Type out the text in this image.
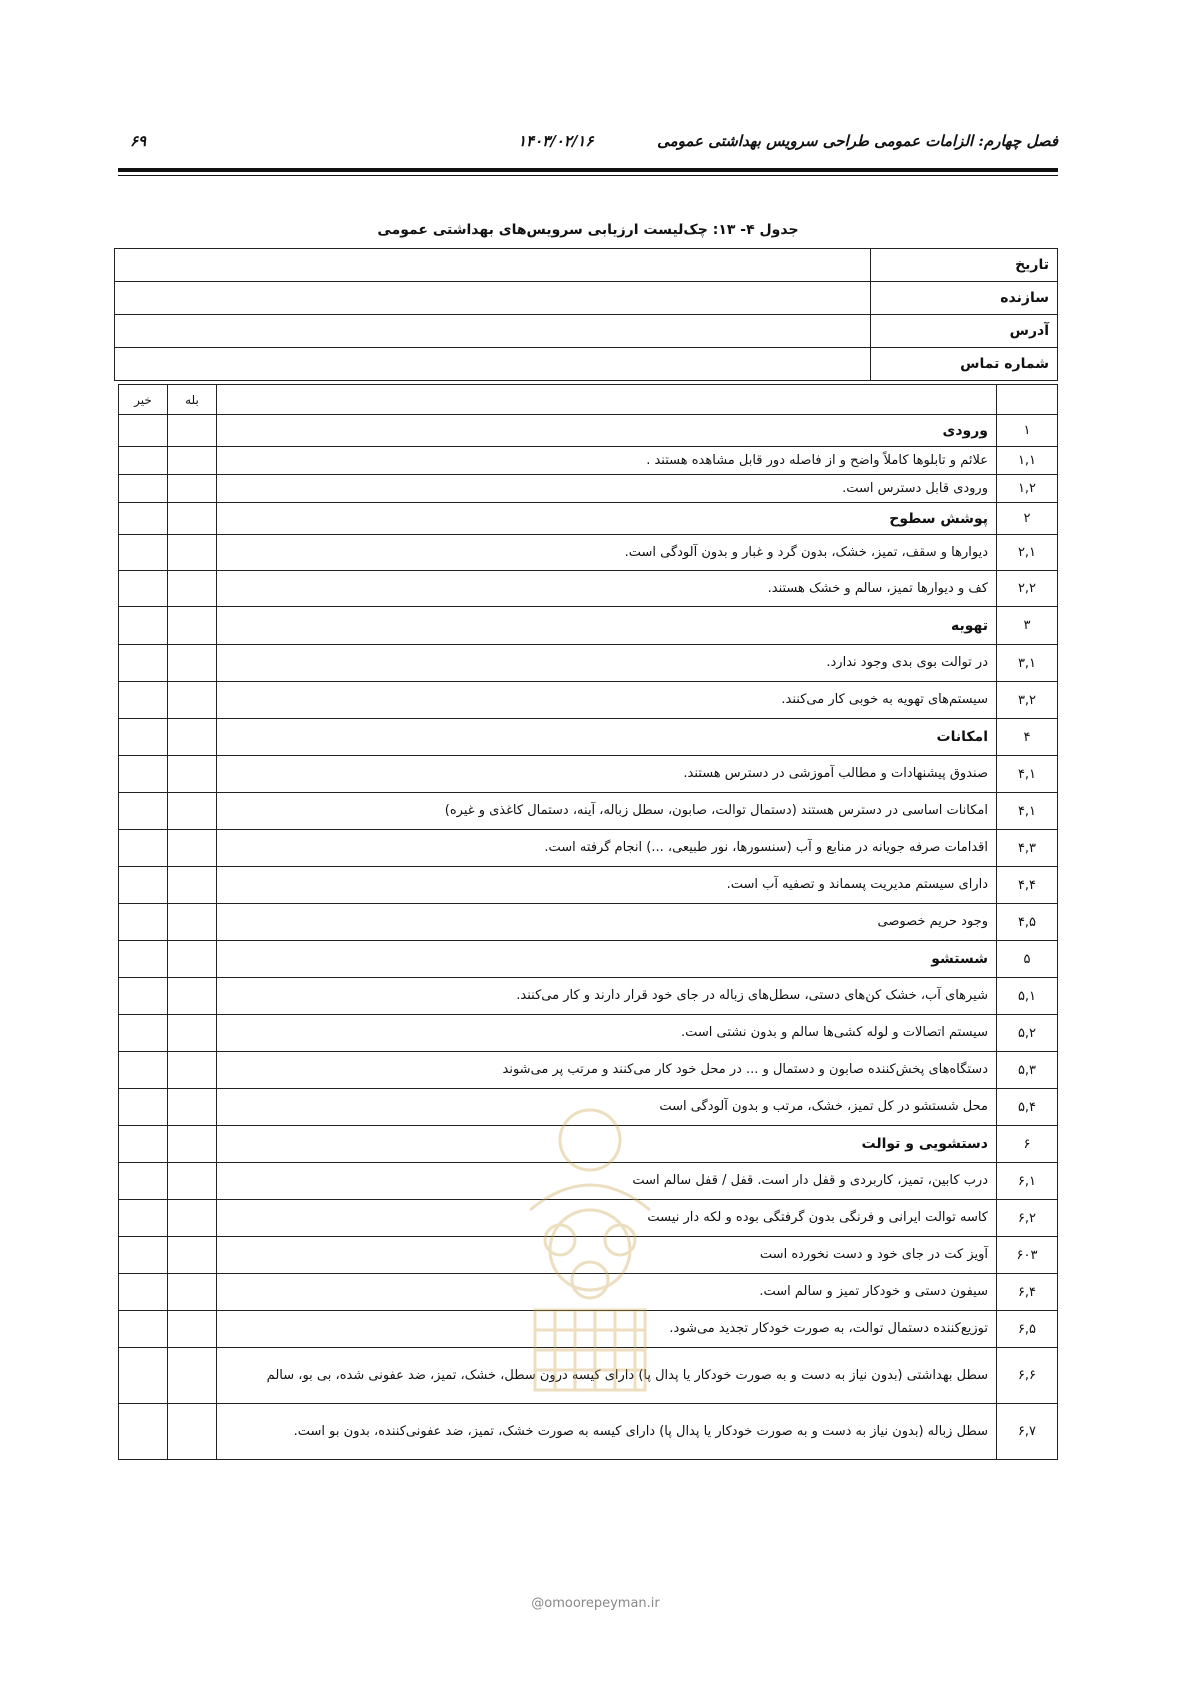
فصل چهارم: الزامات عمومی طراحی سرویس بهداشتی عمومی
۱۴۰۳/۰۲/۱۶
۶۹
جدول ۴- ۱۳: چک‌لیست ارزیابی سرویس‌های بهداشتی عمومی
تاریخ	
سازنده	
آدرس	
شماره تماس	
		بله	خیر
۱	ورودی		
۱,۱	علائم و تابلوها کاملاً واضح و از فاصله دور قابل مشاهده هستند .		
۱,۲	ورودی قابل دسترس است.		
۲	پوشش سطوح		
۲,۱	دیوارها و سقف، تمیز، خشک، بدون گرد و غبار و بدون آلودگی است.		
۲,۲	کف و دیوارها تمیز، سالم و خشک هستند.		
۳	تهویه		
۳,۱	در توالت بوی بدی وجود ندارد.		
۳,۲	سیستم‌های تهویه به خوبی کار می‌کنند.		
۴	امکانات		
۴,۱	صندوق پیشنهادات و مطالب آموزشی در دسترس هستند.		
۴,۱	امکانات اساسی در دسترس هستند (دستمال توالت، صابون، سطل زباله، آینه، دستمال کاغذی و غیره)		
۴,۳	اقدامات صرفه جویانه در منابع و آب (سنسورها، نور طبیعی، ...) انجام گرفته است.		
۴,۴	دارای سیستم مدیریت پسماند و تصفیه آب است.		
۴,۵	وجود حریم خصوصی		
۵	شستشو		
۵,۱	شیرهای آب، خشک کن‌های دستی، سطل‌های زباله در جای خود قرار دارند و کار می‌کنند.		
۵,۲	سیستم اتصالات و لوله کشی‌ها سالم و بدون نشتی است.		
۵,۳	دستگاه‌های پخش‌کننده صابون و دستمال و ... در محل خود کار می‌کنند و مرتب پر می‌شوند		
۵,۴	محل شستشو در کل تمیز، خشک، مرتب و بدون آلودگی است		
۶	دستشویی و توالت		
۶,۱	درب کابین، تمیز، کاربردی و قفل دار است. قفل / قفل سالم است		
۶,۲	کاسه توالت ایرانی و فرنگی بدون گرفتگی بوده و لکه دار نیست		
۶۰۳	آویز کت در جای خود و دست نخورده است		
۶,۴	سیفون دستی و خودکار تمیز و سالم است.		
۶,۵	توزیع‌کننده دستمال توالت، به صورت خودکار تجدید می‌شود.		
۶,۶	سطل بهداشتی (بدون نیاز به دست و به صورت خودکار یا پدال پا) دارای کیسه درون سطل، خشک، تمیز، ضد عفونی شده، بی بو، سالم		
۶,۷	سطل زباله (بدون نیاز به دست و به صورت خودکار یا پدال پا) دارای کیسه به صورت خشک، تمیز، ضد عفونی‌کننده، بدون بو است.		
@omoorepeyman.ir
